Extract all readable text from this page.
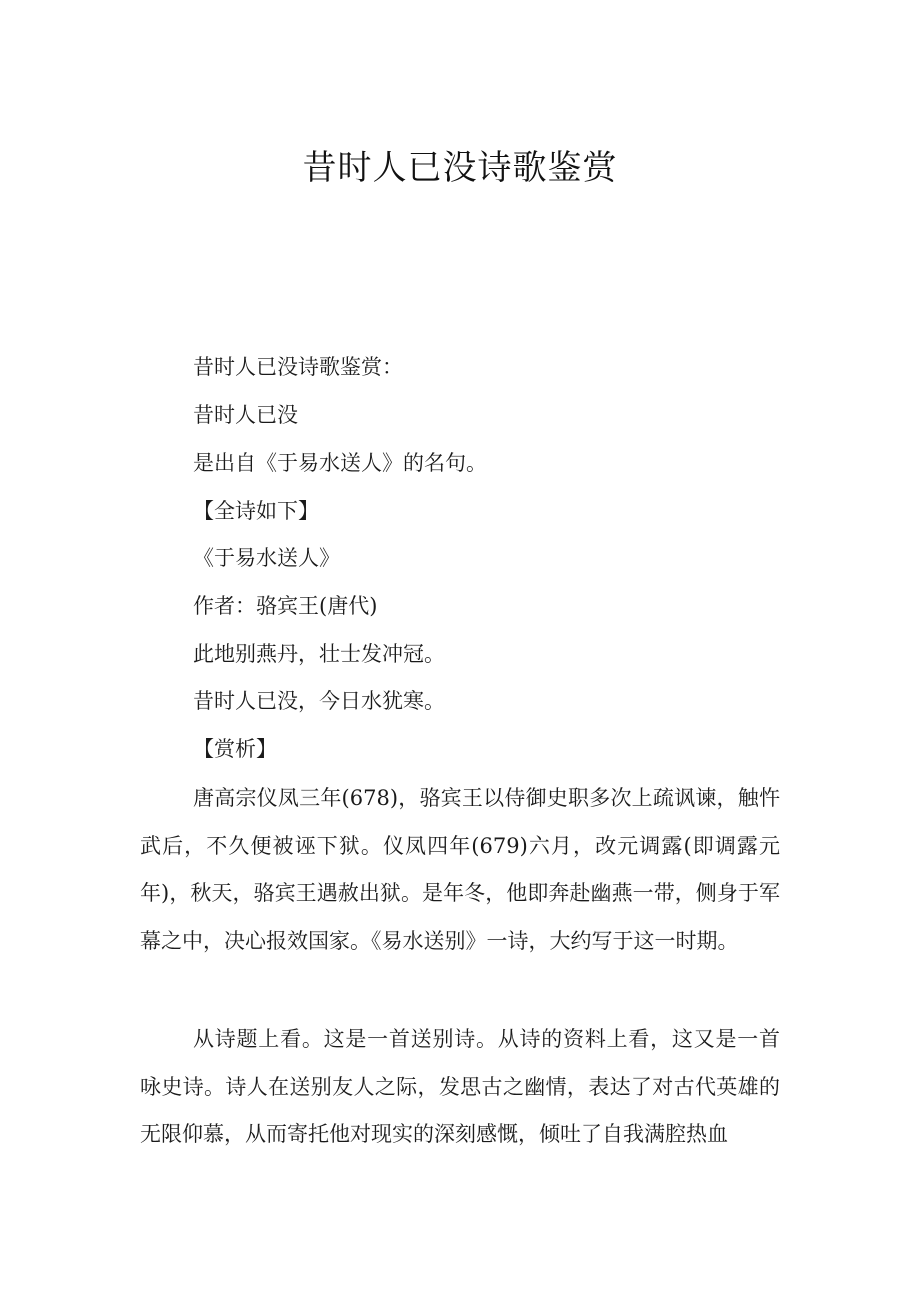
昔时人已没诗歌鉴赏
昔时人已没诗歌鉴赏：
昔时人已没
是出自《于易水送人》的名句。
【全诗如下】
《于易水送人》
作者：骆宾王(唐代)
此地别燕丹，壮士发冲冠。
昔时人已没，今日水犹寒。
【赏析】
唐高宗仪凤三年(678)，骆宾王以侍御史职多次上疏讽谏，触忤武后，不久便被诬下狱。仪凤四年(679)六月，改元调露(即调露元年)，秋天，骆宾王遇赦出狱。是年冬，他即奔赴幽燕一带，侧身于军幕之中，决心报效国家。《易水送别》一诗，大约写于这一时期。
从诗题上看。这是一首送别诗。从诗的资料上看，这又是一首咏史诗。诗人在送别友人之际，发思古之幽情，表达了对古代英雄的无限仰慕，从而寄托他对现实的深刻感慨，倾吐了自我满腔热血
